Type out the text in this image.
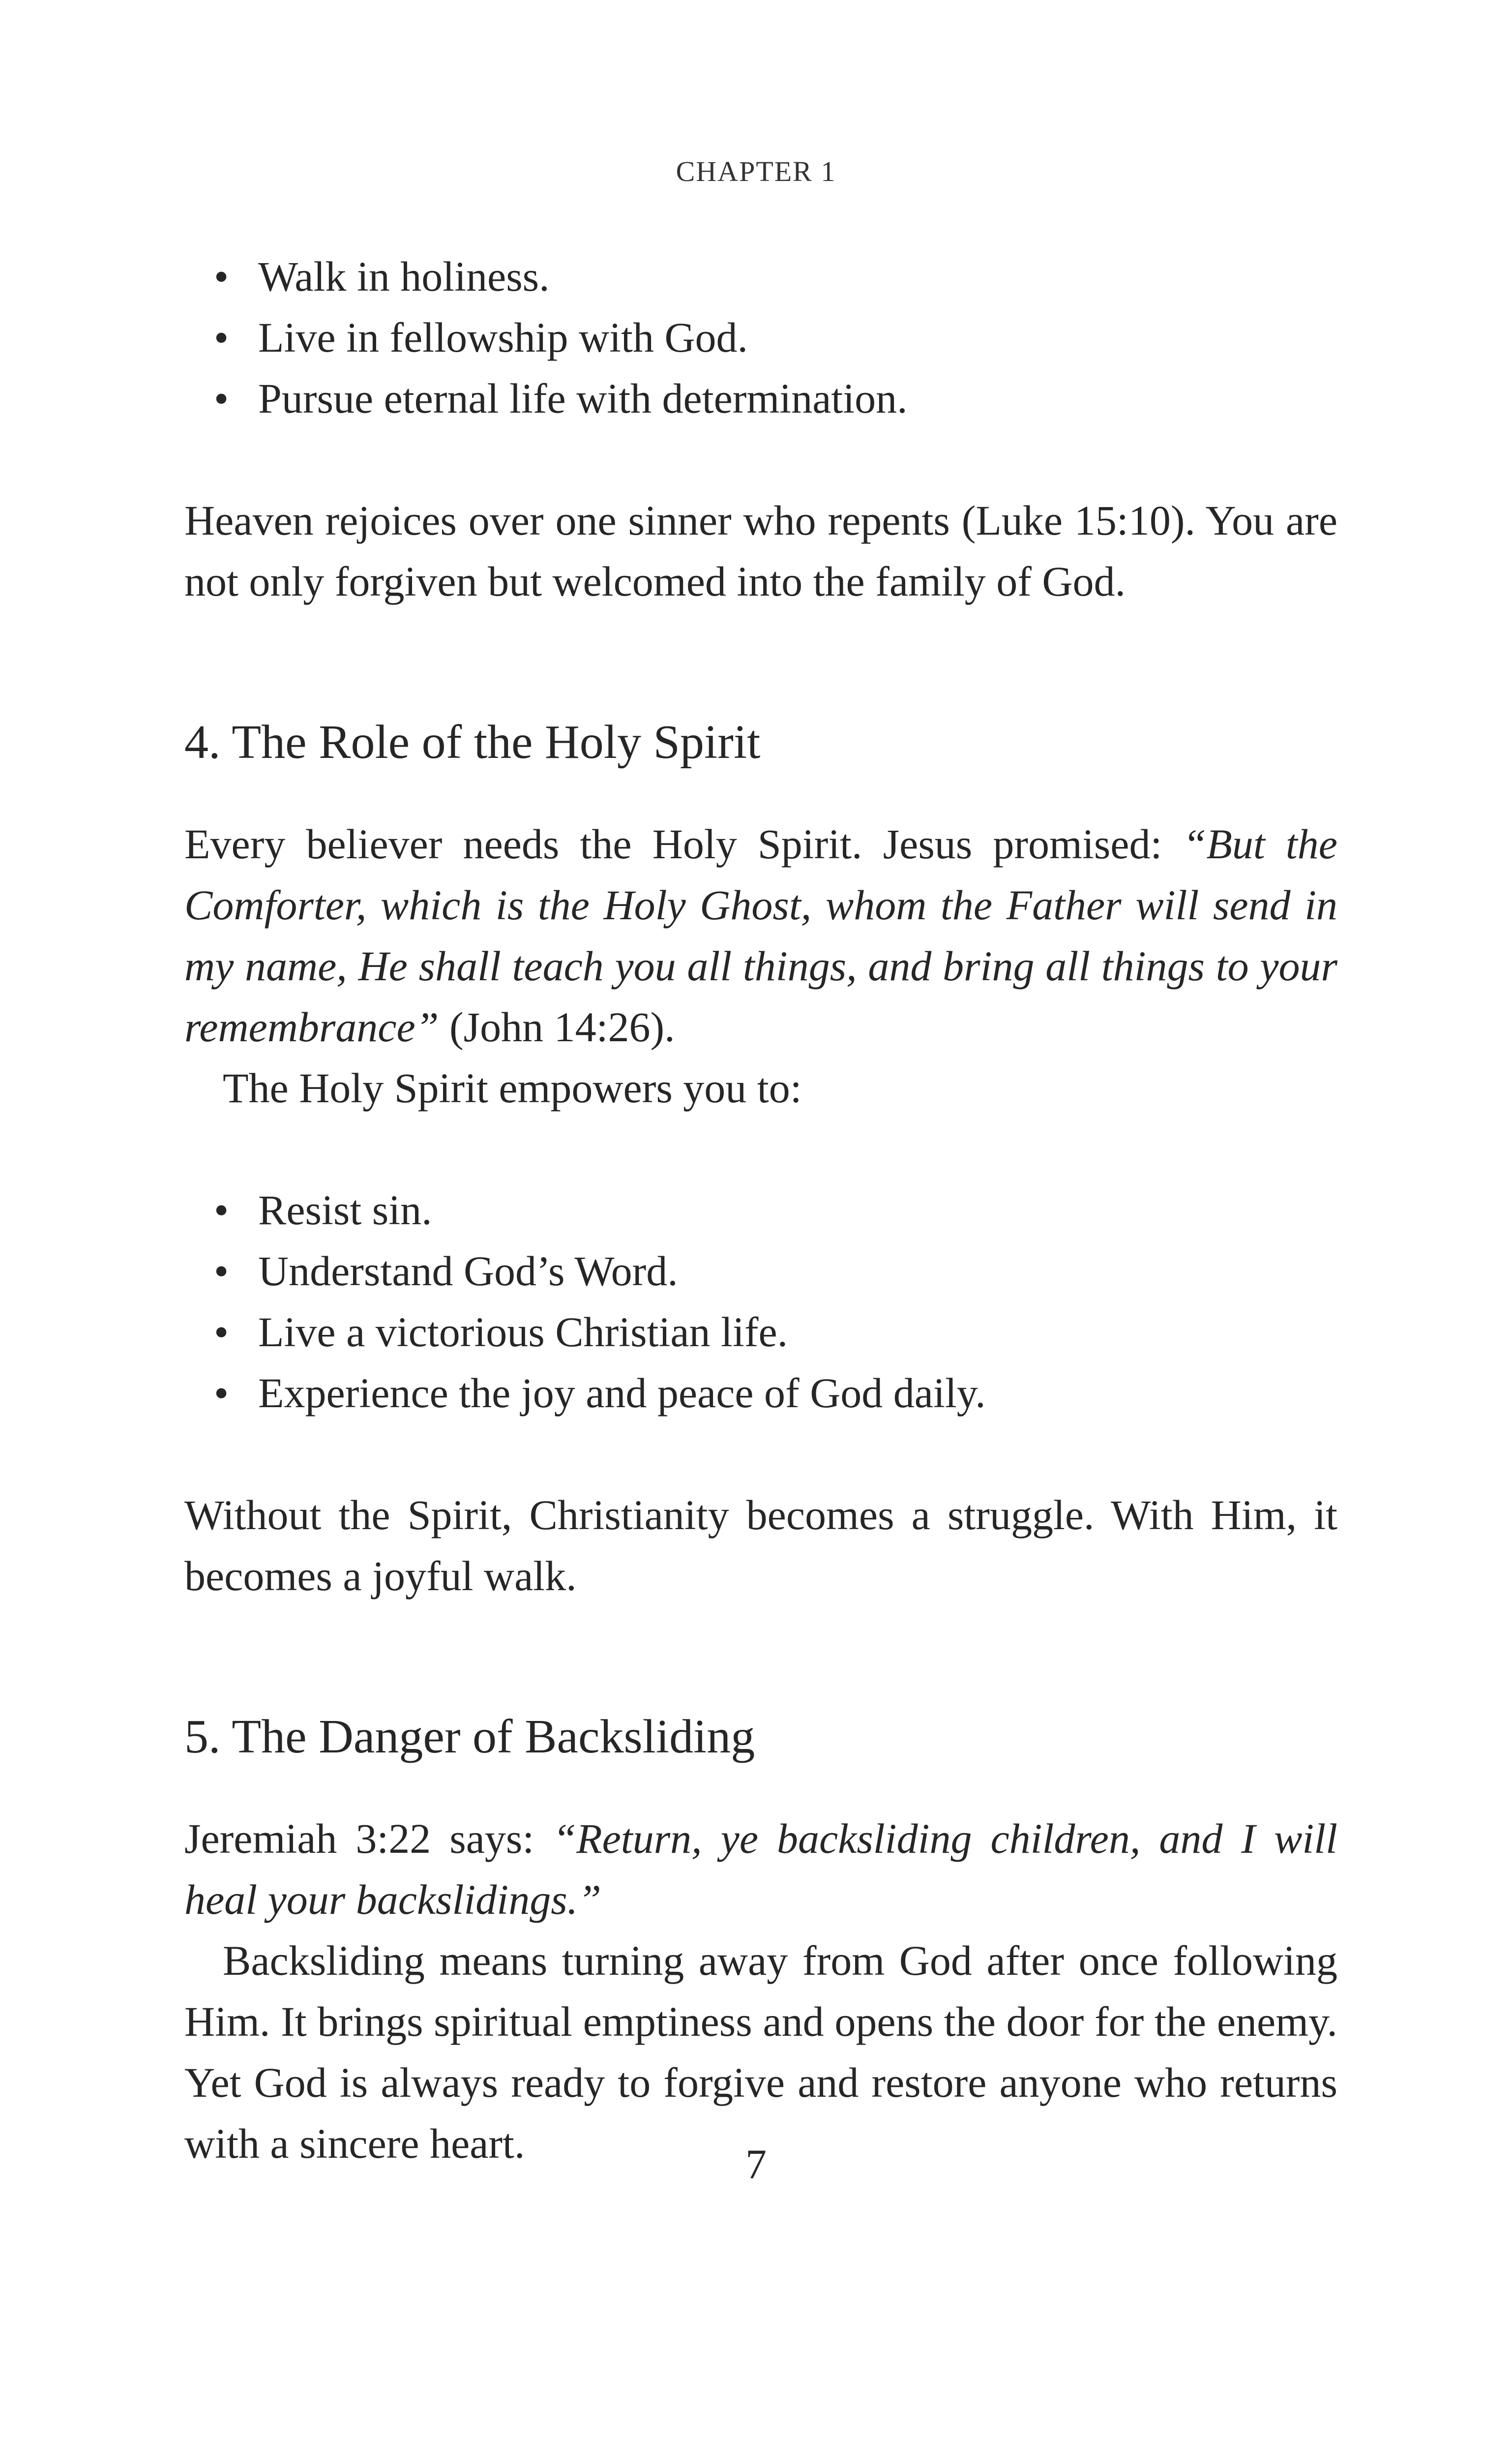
CHAPTER 1
• Walk in holiness.
• Live in fellowship with God.
• Pursue eternal life with determination.

Heaven rejoices over one sinner who repents (Luke 15:10). You are not only forgiven but welcomed into the family of God.

4. The Role of the Holy Spirit

Every believer needs the Holy Spirit. Jesus promised: “But the Comforter, which is the Holy Ghost, whom the Father will send in my name, He shall teach you all things, and bring all things to your remembrance” (John 14:26).

The Holy Spirit empowers you to:

• Resist sin.
• Understand God’s Word.
• Live a victorious Christian life.
• Experience the joy and peace of God daily.

Without the Spirit, Christianity becomes a struggle. With Him, it becomes a joyful walk.

5. The Danger of Backsliding

Jeremiah 3:22 says: “Return, ye backsliding children, and I will heal your backslidings.”

Backsliding means turning away from God after once following Him. It brings spiritual emptiness and opens the door for the enemy. Yet God is always ready to forgive and restore anyone who returns with a sincere heart.	7
